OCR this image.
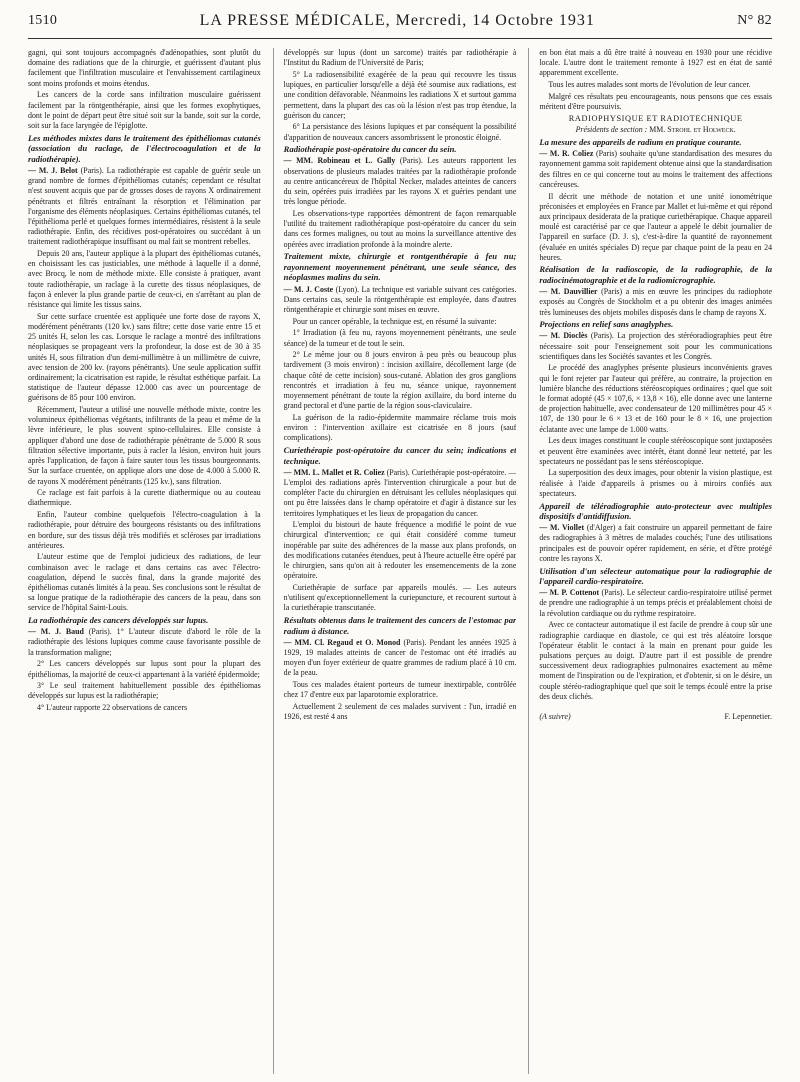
1510	LA PRESSE MÉDICALE, Mercredi, 14 Octobre 1931	N° 82

gagni, qui sont toujours accompagnés d'adénopathies, sont plutôt du domaine des radiations que de la chirurgie, et guérissent d'autant plus facilement que l'infiltration musculaire et l'envahissement cartilagineux sont moins profonds et moins étendus.

Les cancers de la corde sans infiltration musculaire guérissent facilement par la röntgenthérapie, ainsi que les formes exophytiques, dont le point de départ peut être situé soit sur la bande, soit sur la corde, soit sur la face laryngée de l'épiglotte.

Les méthodes mixtes dans le traitement des épithéliomas cutanés (association du raclage, de l'électrocoagulation et de la radiothérapie).

— M. J. Belot (Paris). La radiothérapie est capable de guérir seule un grand nombre de formes d'épithéliomas cutanés; cependant ce résultat n'est souvent acquis que par de grosses doses de rayons X ordinairement pénétrants et filtrés entraînant la résorption et l'élimination par l'organisme des éléments néoplasiques. Certains épithéliomas cutanés, tel l'épithélioma perlé et quelques formes intermédiaires, résistent à la seule radiothérapie. Enfin, des récidives post-opératoires ou succédant à un traitement radiothérapique insuffisant ou mal fait se montrent rebelles.

Depuis 20 ans, l'auteur applique à la plupart des épithéliomas cutanés, en choisissant les cas justiciables, une méthode à laquelle il a donné, avec Brocq, le nom de méthode mixte. Elle consiste à pratiquer, avant toute radiothérapie, un raclage à la curette des tissus néoplasiques, de façon à enlever la plus grande partie de ceux-ci, en s'arrêtant au plan de résistance qui limite les tissus sains.

Sur cette surface cruentée est appliquée une forte dose de rayons X, modérément pénétrants (120 kv.) sans filtre; cette dose varie entre 15 et 25 unités H, selon les cas. Lorsque le raclage a montré des infiltrations néoplasiques se propageant vers la profondeur, la dose est de 30 à 35 unités H, sous filtration d'un demi-millimètre à un millimètre de cuivre, avec tension de 200 kv. (rayons pénétrants). Une seule application suffit ordinairement; la cicatrisation est rapide, le résultat esthétique parfait. La statistique de l'auteur dépasse 12.000 cas avec un pourcentage de guérisons de 85 pour 100 environ.

Récemment, l'auteur a utilisé une nouvelle méthode mixte, contre les volumineux épithéliomas végétants, infiltrants de la peau et même de la lèvre inférieure, le plus souvent spino-cellulaires. Elle consiste à appliquer d'abord une dose de radiothérapie pénétrante de 5.000 R sous filtration sélective importante, puis à racler la lésion, environ huit jours après l'application, de façon à faire sauter tous les tissus bourgeonnants. Sur la surface cruentée, on applique alors une dose de 4.000 à 5.000 R. de rayons X modérément pénétrants (125 kv.), sans filtration.

Ce raclage est fait parfois à la curette diathermique ou au couteau diathermique.

Enfin, l'auteur combine quelquefois l'électro-coagulation à la radiothérapie, pour détruire des bourgeons résistants ou des infiltrations en bordure, sur des tissus déjà très modifiés et scléroses par irradiations antérieures.

L'auteur estime que de l'emploi judicieux des radiations, de leur combinaison avec le raclage et dans certains cas avec l'électro-coagulation, dépend le succès final, dans la grande majorité des épithéliomas cutanés limités à la peau. Ses conclusions sont le résultat de sa longue pratique de la radiothérapie des cancers de la peau, dans son service de l'hôpital Saint-Louis.

La radiothérapie des cancers développés sur lupus.

— M. J. Baud (Paris). 1° L'auteur discute d'abord le rôle de la radiothérapie des lésions lupiques comme cause favorisante possible de la transformation maligne;

2° Les cancers développés sur lupus sont pour la plupart des épithéliomas, la majorité de ceux-ci appartenant à la variété épidermoïde;

3° Le seul traitement habituellement possible des épithéliomas développés sur lupus est la radiothérapie;

4° L'auteur rapporte 22 observations de cancers

développés sur lupus (dont un sarcome) traités par radiothérapie à l'Institut du Radium de l'Université de Paris;

5° La radiosensibilité exagérée de la peau qui recouvre les tissus lupiques, en particulier lorsqu'elle a déjà été soumise aux radiations, est une condition défavorable. Néanmoins les radiations X et surtout gamma permettent, dans la plupart des cas où la lésion n'est pas trop étendue, la guérison du cancer;

6° La persistance des lésions lupiques et par conséquent la possibilité d'apparition de nouveaux cancers assombrissent le pronostic éloigné.

Radiothérapie post-opératoire du cancer du sein.

— MM. Robineau et L. Gally (Paris). Les auteurs rapportent les observations de plusieurs malades traitées par la radiothérapie profonde au centre anticancéreux de l'hôpital Necker, malades atteintes de cancers du sein, opérées puis irradiées par les rayons X et guéries pendant une très longue période.

Les observations-type rapportées démontrent de façon remarquable l'utilité du traitement radiothérapique post-opératoire du cancer du sein dans ces formes malignes, ou tout au moins la surveillance attentive des opérées avec irradiation profonde à la moindre alerte.

Traitement mixte, chirurgie et rontgenthérapie à feu nu; rayonnement moyennement pénétrant, une seule séance, des néoplasmes malins du sein.

— M. J. Coste (Lyon). La technique est variable suivant ces catégories. Dans certains cas, seule la röntgenthérapie est employée, dans d'autres röntgenthérapie et chirurgie sont mises en œuvre.

Pour un cancer opérable, la technique est, en résumé la suivante:

1° Irradiation (à feu nu, rayons moyennement pénétrants, une seule séance) de la tumeur et de tout le sein.

2° Le même jour ou 8 jours environ à peu près ou beaucoup plus tardivement (3 mois environ) : incision axillaire, décollement large (de chaque côté de cette incision) sous-cutané. Ablation des gros ganglions rencontrés et irradiation à feu nu, séance unique, rayonnement moyennement pénétrant de toute la région axillaire, du bord interne du grand pectoral et d'une partie de la région sous-claviculaire.

La guérison de la radio-épidermite mammaire réclame trois mois environ : l'intervention axillaire est cicatrisée en 8 jours (sauf complications).

Curiethérapie post-opératoire du cancer du sein; indications et technique.

— MM. L. Mallet et R. Coliez (Paris). Curiethérapie post-opératoire. — L'emploi des radiations après l'intervention chirurgicale a pour but de compléter l'acte du chirurgien en détruisant les cellules néoplasiques qui ont pu être laissées dans le champ opératoire et d'agir à distance sur les territoires lymphatiques et les lieux de propagation du cancer.

L'emploi du bistouri de haute fréquence a modifié le point de vue chirurgical d'intervention; ce qui était considéré comme tumeur inopérable par suite des adhérences de la masse aux plans profonds, on des modifications cutanées étendues, peut à l'heure actuelle être opéré par le chirurgien, sans qu'on ait à redouter les ensemencements de la zone opératoire.

Curiethérapie de surface par appareils moulés. — Les auteurs n'utilisent qu'exceptionnellement la curiepuncture, et recourent surtout à la curiethérapie transcutanée.

Résultats obtenus dans le traitement des cancers de l'estomac par radium à distance.

— MM. Cl. Regaud et O. Monod (Paris). Pendant les années 1925 à 1929, 19 malades atteints de cancer de l'estomac ont été irradiés au moyen d'un foyer extérieur de quatre grammes de radium placé à 10 cm. de la peau.

Tous ces malades étaient porteurs de tumeur inextirpable, contrôlée chez 17 d'entre eux par laparotomie exploratrice.

Actuellement 2 seulement de ces malades survivent : l'un, irradié en 1926, est resté 4 ans

en bon état mais a dû être traité à nouveau en 1930 pour une récidive locale. L'autre dont le traitement remonte à 1927 est en état de santé apparemment excellente.

Tous les autres malades sont morts de l'évolution de leur cancer.

Malgré ces résultats peu encourageants, nous pensons que ces essais méritent d'être poursuivis.

RADIOPHYSIQUE ET RADIOTECHNIQUE

Présidents de section : MM. Strohl et Holweck.

La mesure des appareils de radium en pratique courante.

— M. R. Coliez (Paris) souhaite qu'une standardisation des mesures du rayonnement gamma soit rapidement obtenue ainsi que la standardisation des filtres en ce qui concerne tout au moins le traitement des affections cancéreuses.

Il décrit une méthode de notation et une unité ionométrique préconisées et employées en France par Mallet et lui-même et qui répond aux principaux desiderata de la pratique curiethérapique. Chaque appareil moulé est caractérisé par ce que l'auteur a appelé le débit journalier de l'appareil en surface (D. J. s), c'est-à-dire la quantité de rayonnement (évaluée en unités spéciales D) reçue par chaque point de la peau en 24 heures.

Réalisation de la radioscopie, de la radiographie, de la radiocinématographie et de la radiomicrographie.

— M. Dauvillier (Paris) a mis en œuvre les principes du radiophote exposés au Congrès de Stockholm et a pu obtenir des images animées très lumineuses des objets mobiles disposés dans le champ de rayons X.

Projections en relief sans anaglyphes.

— M. Dioclès (Paris). La projection des stéréoradiographies peut être nécessaire soit pour l'enseignement soit pour les communications scientifiques dans les Sociétés savantes et les Congrès.

Le procédé des anaglyphes présente plusieurs inconvénients graves qui le font rejeter par l'auteur qui préfère, au contraire, la projection en lumière blanche des réductions stéréoscopiques ordinaires ; quel que soit le format adopté (45 × 107,6, × 13,8 × 16), elle donne avec une lanterne de projection habituelle, avec condensateur de 120 millimètres pour 45 × 107, de 130 pour le 6 × 13 et de 160 pour le 8 × 16, une projection éclatante avec une lampe de 1.000 watts.

Les deux images constituant le couple stéréoscopique sont juxtaposées et peuvent être examinées avec intérêt, étant donné leur netteté, par les spectateurs ne possédant pas le sens stéréoscopique.

La superposition des deux images, pour obtenir la vision plastique, est réalisée à l'aide d'appareils à prismes ou à miroirs confiés aux spectateurs.

Appareil de téléradiographie auto-protecteur avec multiples dispositifs d'antidiffusion.

— M. Viollet (d'Alger) a fait construire un appareil permettant de faire des radiographies à 3 mètres de malades couchés; l'une des utilisations principales est de pouvoir opérer rapidement, en série, et d'être protégé contre les rayons X.

Utilisation d'un sélecteur automatique pour la radiographie de l'appareil cardio-respiratoire.

— M. P. Cottenot (Paris). Le sélecteur cardio-respiratoire utilisé permet de prendre une radiographie à un temps précis et préalablement choisi de la révolution cardiaque ou du rythme respiratoire.

Avec ce contacteur automatique il est facile de prendre à coup sûr une radiographie cardiaque en diastole, ce qui est très aléatoire lorsque l'opérateur établit le contact à la main en prenant pour guide les pulsations perçues au doigt. D'autre part il est possible de prendre successivement deux radiographies pulmonaires exactement au même moment de l'inspiration ou de l'expiration, et d'obtenir, si on le désire, un couple stéréo-radiographique quel que soit le temps écoulé entre la prise des deux clichés.

(A suivre)	F. Lepennetier.
